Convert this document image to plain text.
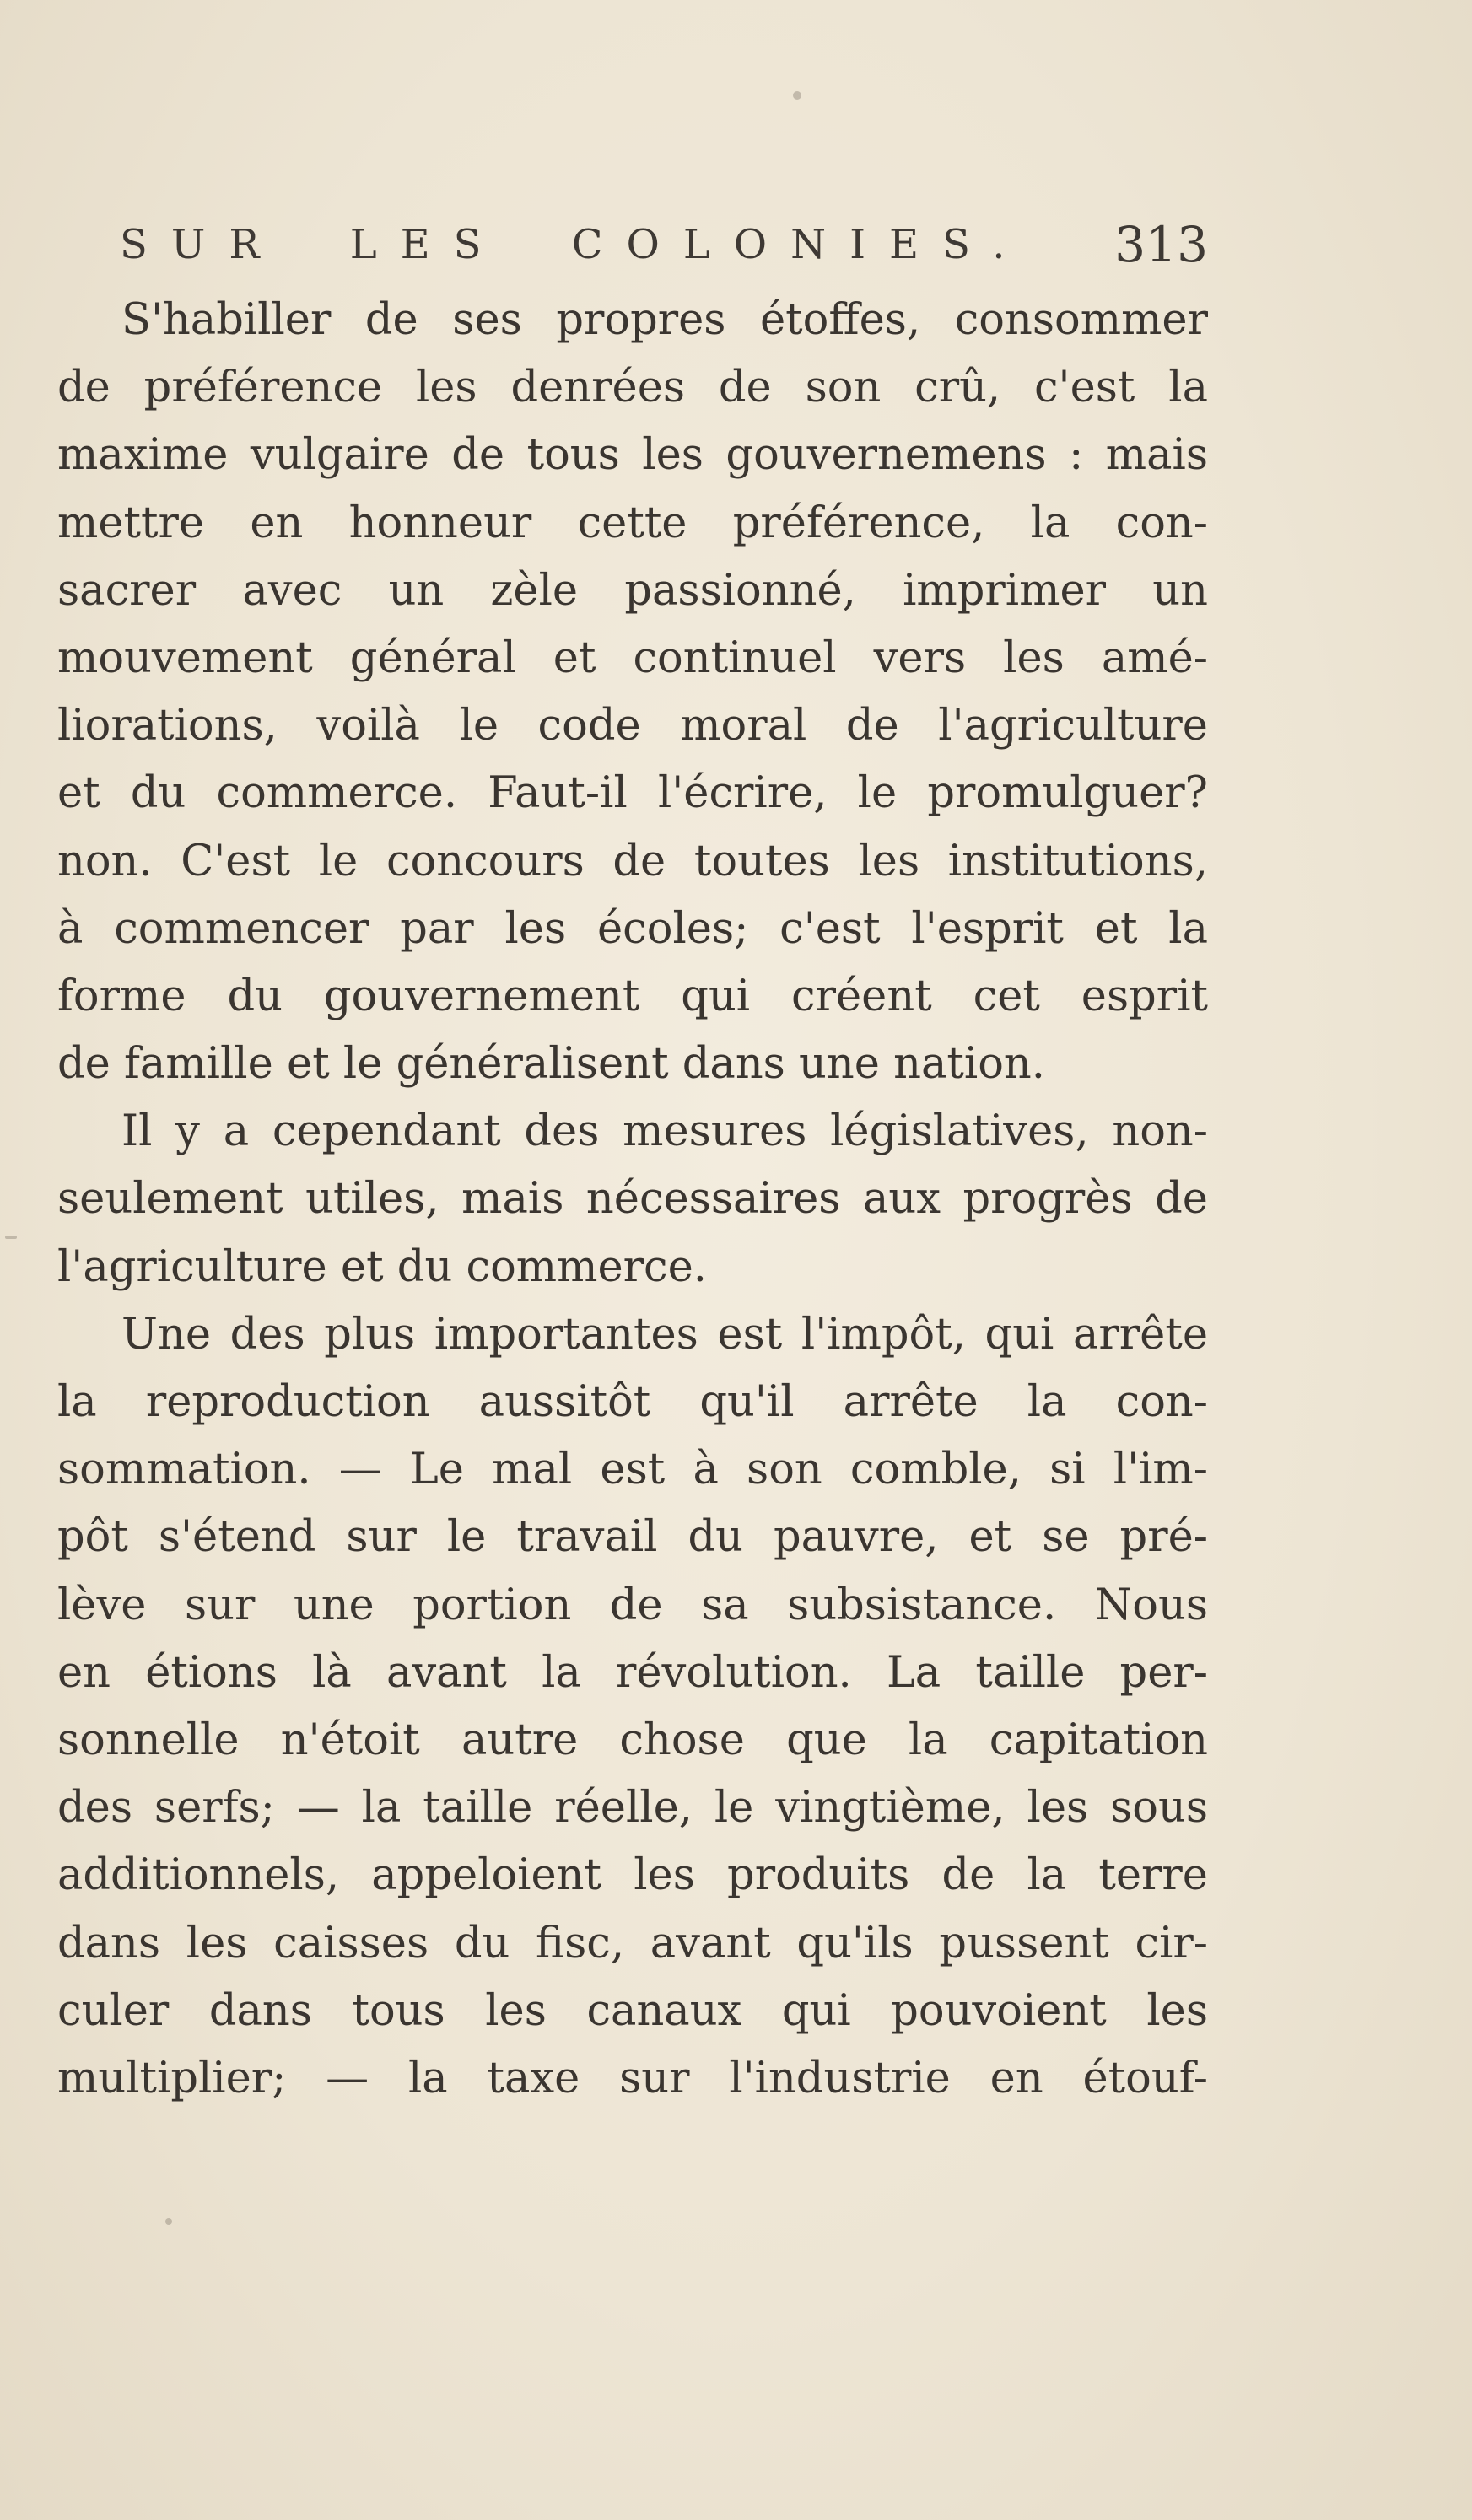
SUR LES COLONIES. 313
S'habiller de ses propres étoffes, consommer
de préférence les denrées de son crû, c'est la
maxime vulgaire de tous les gouvernemens : mais
mettre en honneur cette préférence, la con-
sacrer avec un zèle passionné, imprimer un
mouvement général et continuel vers les amé-
liorations, voilà le code moral de l'agriculture
et du commerce. Faut-il l'écrire, le promulguer?
non. C'est le concours de toutes les institutions,
à commencer par les écoles; c'est l'esprit et la
forme du gouvernement qui créent cet esprit
de famille et le généralisent dans une nation.
Il y a cependant des mesures législatives, non-
seulement utiles, mais nécessaires aux progrès de
l'agriculture et du commerce.
Une des plus importantes est l'impôt, qui arrête
la reproduction aussitôt qu'il arrête la con-
sommation. — Le mal est à son comble, si l'im-
pôt s'étend sur le travail du pauvre, et se pré-
lève sur une portion de sa subsistance. Nous
en étions là avant la révolution. La taille per-
sonnelle n'étoit autre chose que la capitation
des serfs; — la taille réelle, le vingtième, les sous
additionnels, appeloient les produits de la terre
dans les caisses du fisc, avant qu'ils pussent cir-
culer dans tous les canaux qui pouvoient les
multiplier; — la taxe sur l'industrie en étouf-
